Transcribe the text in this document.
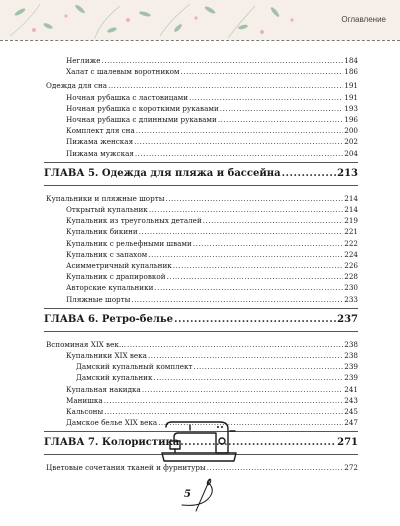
Оглавление
Неглиже .....	184
Халат с шалевым воротником .....	186
Одежда для сна .....	191
Ночная рубашка с ластовицами .....	191
Ночная рубашка с короткими рукавами .....	193
Ночная рубашка с длинными рукавами .....	196
Комплект для сна .....	200
Пижама женская .....	202
Пижама мужская .....	204
ГЛАВА 5. Одежда для пляжа и бассейна .....	213
Купальники и пляжные шорты .....	214
Открытый купальник .....	214
Купальник из треугольных деталей .....	219
Купальник бикини .....	221
Купальник с рельефными швами .....	222
Купальник с запахом .....	224
Асимметричный купальник .....	226
Купальник с драпировкой .....	228
Авторские купальники .....	230
Пляжные шорты .....	233
ГЛАВА 6. Ретро-белье .....	237
Вспоминая XIX век… .....	238
Купальники XIX века .....	238
Дамский купальный комплект .....	239
Дамский купальник .....	239
Купальная накидка .....	241
Манишка .....	243
Кальсоны .....	245
Дамское белье XIX века .....	247
ГЛАВА 7. Колористика .....	271
Цветовые сочетания тканей и фурнитуры .....	272
5
